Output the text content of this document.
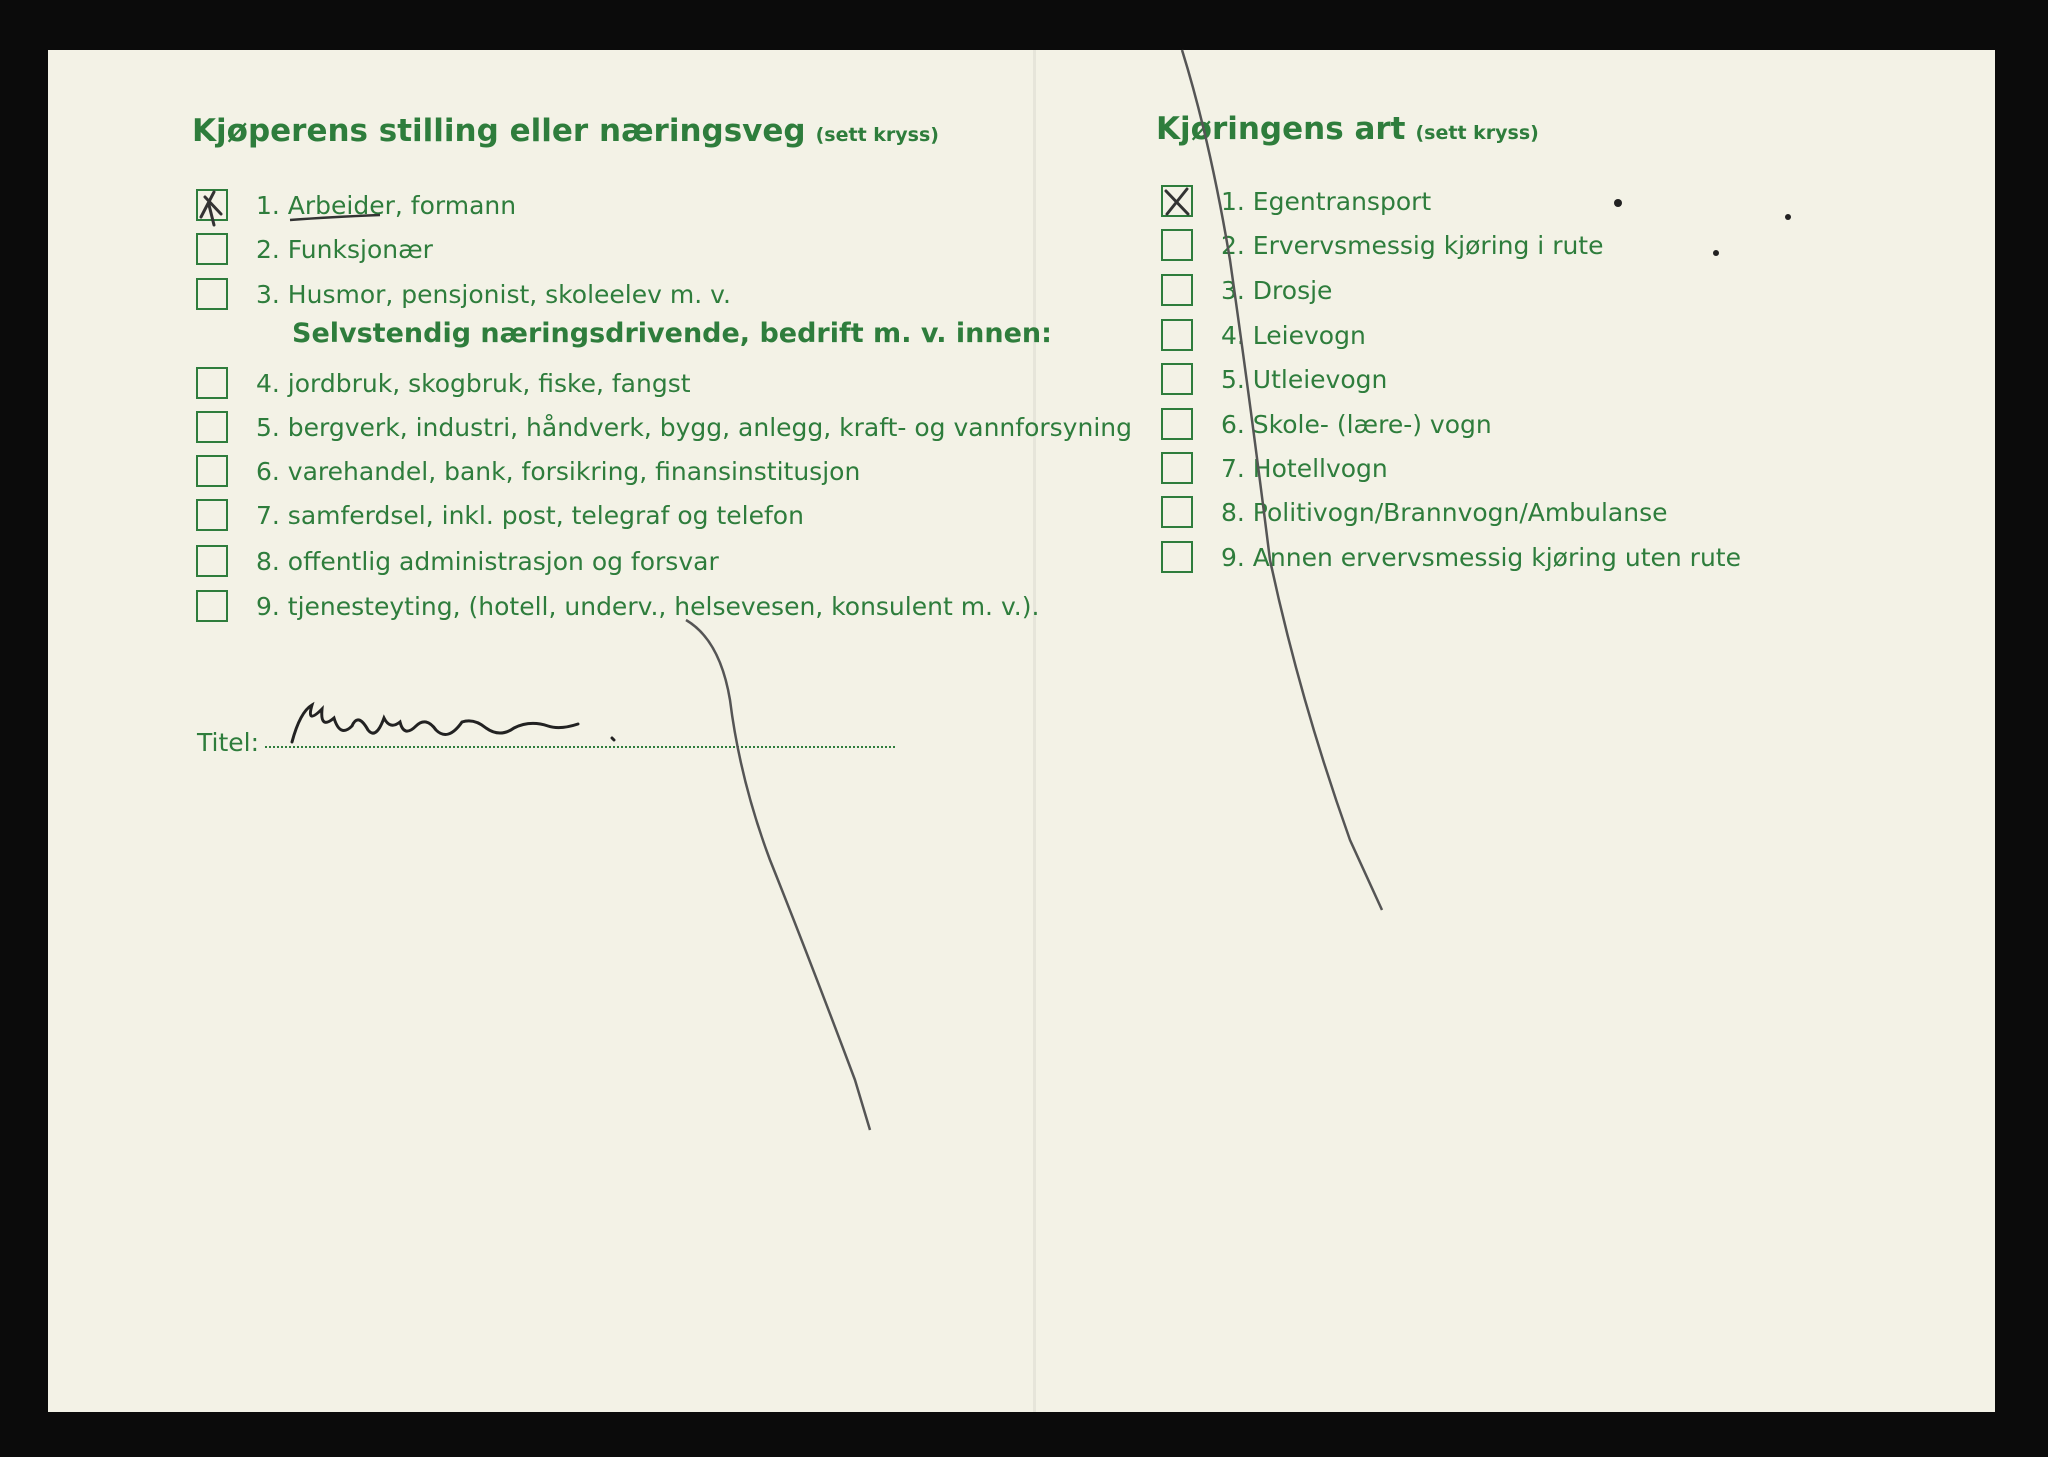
Kjøperens stilling eller næringsveg (sett kryss)
1. Arbeider, formann
2. Funksjonær
3. Husmor, pensjonist, skoleelev m. v.
Selvstendig næringsdrivende, bedrift m. v. innen:
4. jordbruk, skogbruk, fiske, fangst
5. bergverk, industri, håndverk, bygg, anlegg, kraft- og vannforsyning
6. varehandel, bank, forsikring, finansinstitusjon
7. samferdsel, inkl. post, telegraf og telefon
8. offentlig administrasjon og forsvar
9. tjenesteyting, (hotell, underv., helsevesen, konsulent m. v.).
Titel:
Kjøringens art (sett kryss)
1. Egentransport
2. Ervervsmessig kjøring i rute
3. Drosje
4. Leievogn
5. Utleievogn
6. Skole- (lære-) vogn
7. Hotellvogn
8. Politivogn/Brannvogn/Ambulanse
9. Annen ervervsmessig kjøring uten rute
